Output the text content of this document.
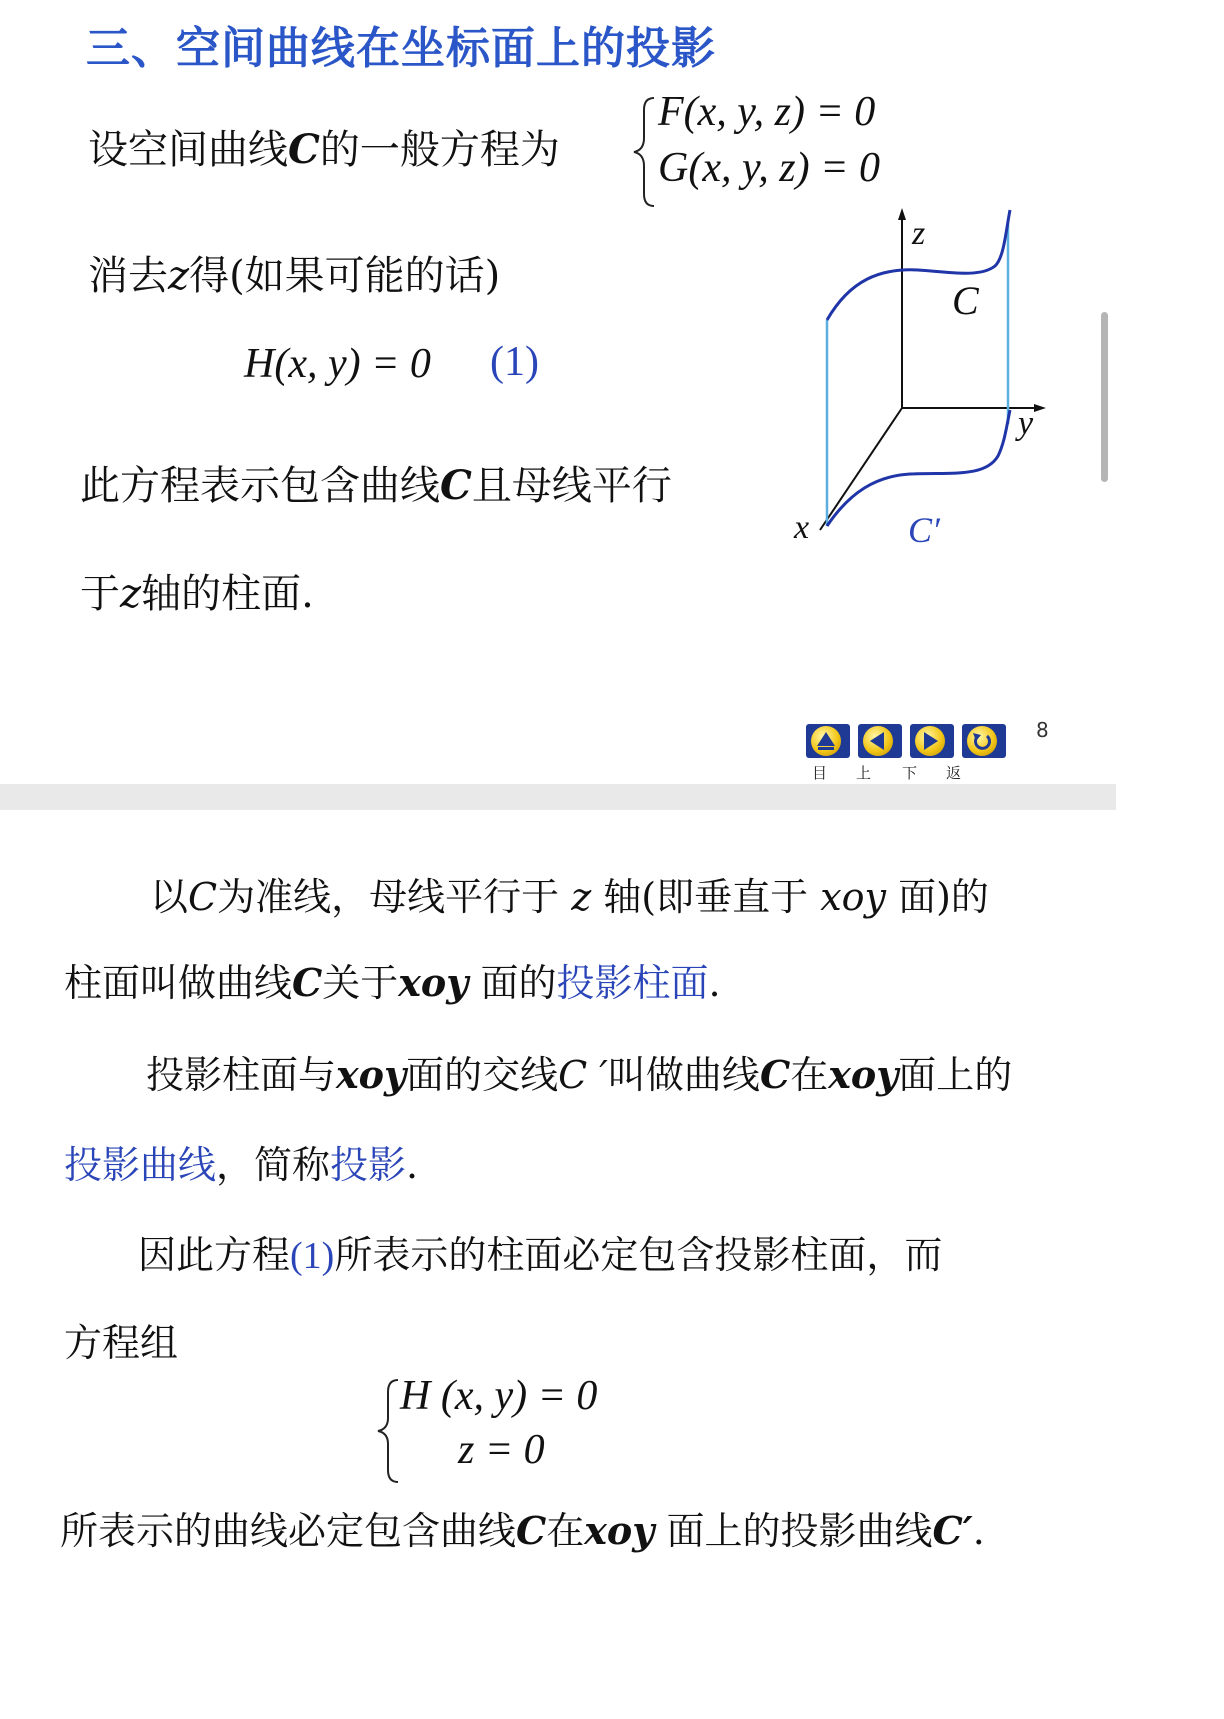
三、空间曲线在坐标面上的投影
设空间曲线C的一般方程为
F(x, y, z) = 0
G(x, y, z) = 0
消去z得(如果可能的话)
H(x, y) = 0 (1)
此方程表示包含曲线C且母线平行
于z轴的柱面.
z
y
x
C
C′
目 上 下 返
8
以C为准线，母线平行于 z 轴(即垂直于 xoy 面)的
柱面叫做曲线C关于xoy 面的投影柱面.
投影柱面与xoy面的交线C ′叫做曲线C在xoy面上的
投影曲线，简称投影.
因此方程(1)所表示的柱面必定包含投影柱面，而
方程组
H (x, y) = 0
z = 0
所表示的曲线必定包含曲线C在xoy 面上的投影曲线C′.
